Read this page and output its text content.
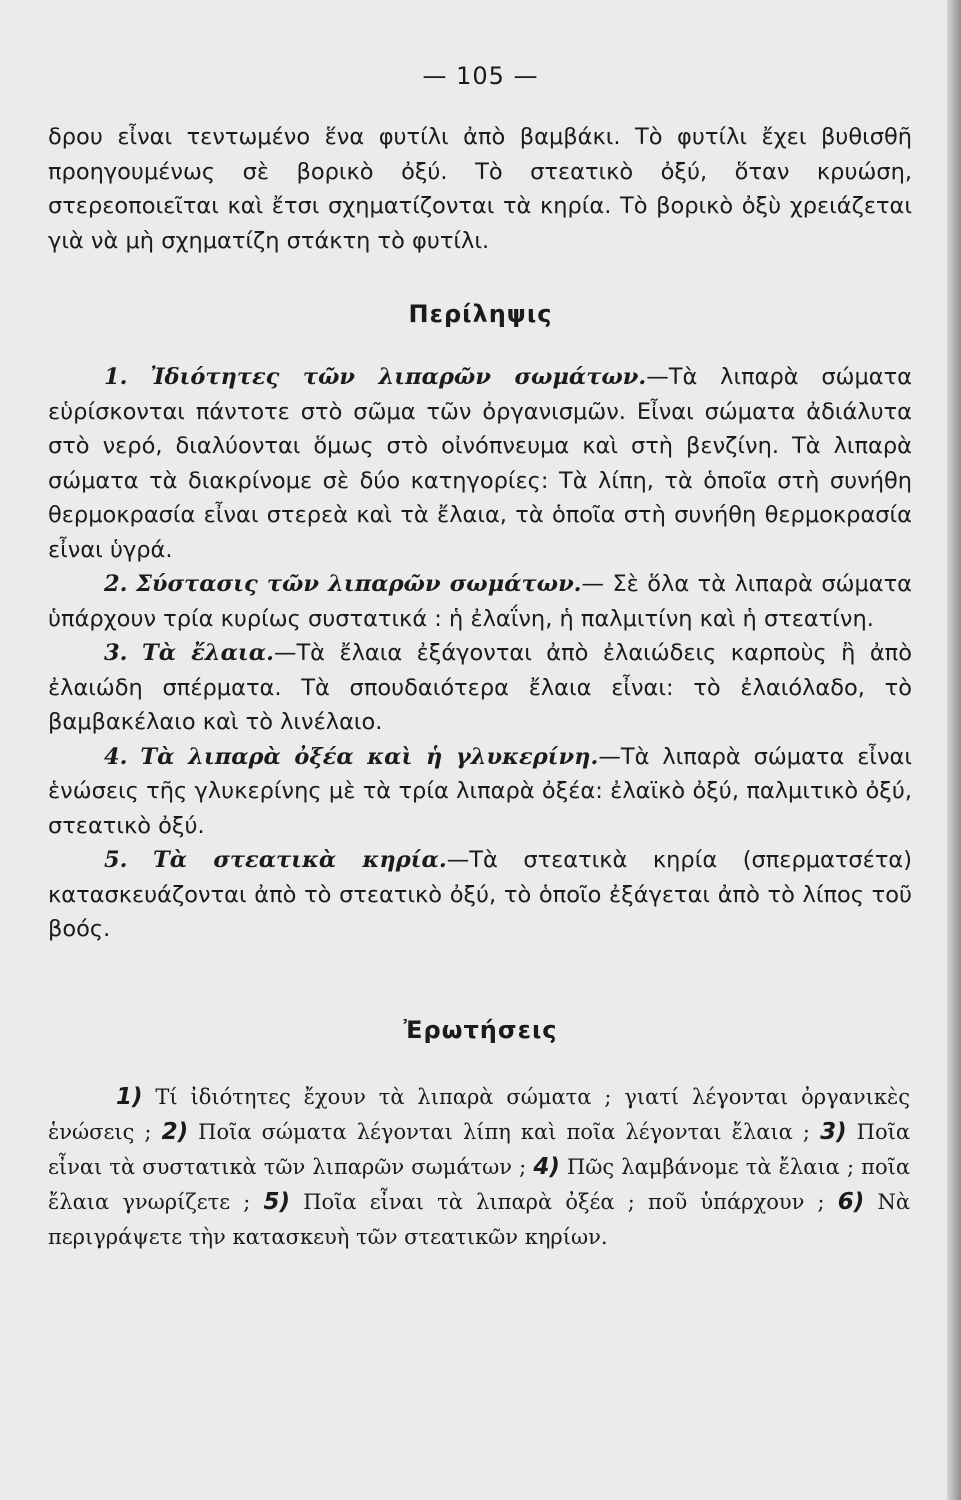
— 105 —

δρου εἶναι τεντωμένο ἕνα φυτίλι ἀπὸ βαμβάκι. Τὸ φυτίλι ἔχει βυθισθῆ προηγουμένως σὲ βορικὸ ὀξύ. Τὸ στεατικὸ ὀξύ, ὅταν κρυώση, στερεοποιεῖται καὶ ἔτσι σχηματίζονται τὰ κηρία. Τὸ βορικὸ ὀξὺ χρειάζεται γιὰ νὰ μὴ σχηματίζη στάκτη τὸ φυτίλι.

Περίληψις

1. Ἰδιότητες τῶν λιπαρῶν σωμάτων.—Τὰ λιπαρὰ σώματα εὑρίσκονται πάντοτε στὸ σῶμα τῶν ὀργανισμῶν. Εἶναι σώματα ἀδιάλυτα στὸ νερό, διαλύονται ὅμως στὸ οἰνόπνευμα καὶ στὴ βενζίνη. Τὰ λιπαρὰ σώματα τὰ διακρίνομε σὲ δύο κατηγορίες: Τὰ λίπη, τὰ ὁποῖα στὴ συνήθη θερμοκρασία εἶναι στερεὰ καὶ τὰ ἔλαια, τὰ ὁποῖα στὴ συνήθη θερμοκρασία εἶναι ὑγρά.

2. Σύστασις τῶν λιπαρῶν σωμάτων.— Σὲ ὅλα τὰ λιπαρὰ σώματα ὑπάρχουν τρία κυρίως συστατικά : ἡ ἐλαΐνη, ἡ παλμιτίνη καὶ ἡ στεατίνη.

3. Τὰ ἔλαια.—Τὰ ἔλαια ἐξάγονται ἀπὸ ἐλαιώδεις καρποὺς ἢ ἀπὸ ἐλαιώδη σπέρματα. Τὰ σπουδαιότερα ἔλαια εἶναι: τὸ ἐλαιόλαδο, τὸ βαμβακέλαιο καὶ τὸ λινέλαιο.

4. Τὰ λιπαρὰ ὀξέα καὶ ἡ γλυκερίνη.—Τὰ λιπαρὰ σώματα εἶναι ἑνώσεις τῆς γλυκερίνης μὲ τὰ τρία λιπαρὰ ὀξέα: ἐλαϊκὸ ὀξύ, παλμιτικὸ ὀξύ, στεατικὸ ὀξύ.

5. Τὰ στεατικὰ κηρία.—Τὰ στεατικὰ κηρία (σπερματσέτα) κατασκευάζονται ἀπὸ τὸ στεατικὸ ὀξύ, τὸ ὁποῖο ἐξάγεται ἀπὸ τὸ λίπος τοῦ βοός.

Ἐρωτήσεις

1) Τί ἰδιότητες ἔχουν τὰ λιπαρὰ σώματα ; γιατί λέγονται ὀργανικὲς ἑνώσεις ; 2) Ποῖα σώματα λέγονται λίπη καὶ ποῖα λέγονται ἔλαια ; 3) Ποῖα εἶναι τὰ συστατικὰ τῶν λιπαρῶν σωμάτων ; 4) Πῶς λαμβάνομε τὰ ἔλαια ; ποῖα ἔλαια γνωρίζετε ; 5) Ποῖα εἶναι τὰ λιπαρὰ ὀξέα ; ποῦ ὑπάρχουν ; 6) Νὰ περιγράψετε τὴν κατασκευὴ τῶν στεατικῶν κηρίων.
